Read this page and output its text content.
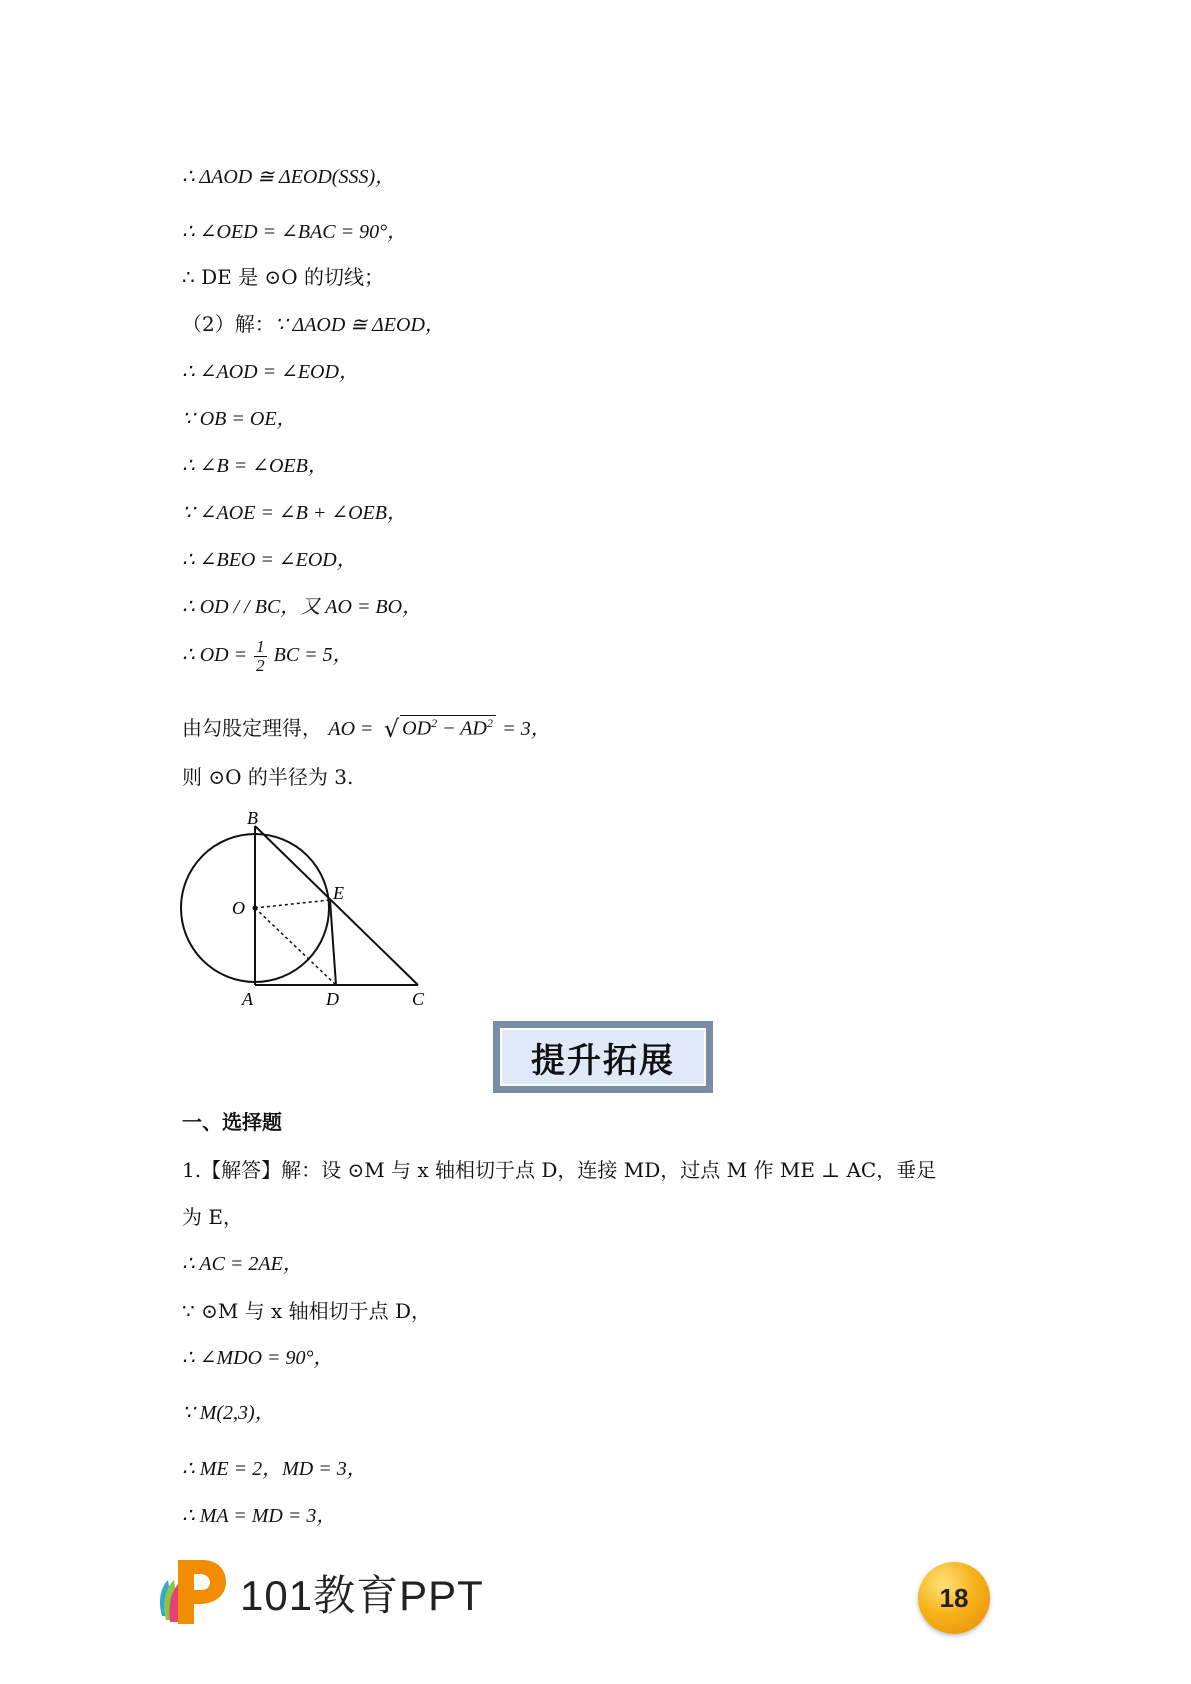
∴ ΔAOD ≅ ΔEOD(SSS)，
∴ ∠OED = ∠BAC = 90°，
∴ DE 是 ⊙O 的切线；
（2）解：∵ ΔAOD ≅ ΔEOD，
∴ ∠AOD = ∠EOD，
∵ OB = OE，
∴ ∠B = ∠OEB，
∵ ∠AOE = ∠B + ∠OEB，
∴ ∠BEO = ∠EOD，
∴ OD / / BC，又 AO = BO，
∴ OD = $\frac{1}{2}$ BC = 5，
由勾股定理得， AO = √ $OD^2 - AD^2 = 3$，
则 ⊙O 的半径为 3.
B
E
O
A	D	C
提升拓展
一、选择题
1.【解答】解：设 ⊙M 与 x 轴相切于点 D，连接 MD，过点 M 作 ME ⊥ AC，垂足
为 E，
∴ AC = 2AE，
∵ ⊙M 与 x 轴相切于点 D，
∴ ∠MDO = 90°，
∵ M(2,3)，
∴ ME = 2，MD = 3，
∴ MA = MD = 3，
101教育PPT	18
